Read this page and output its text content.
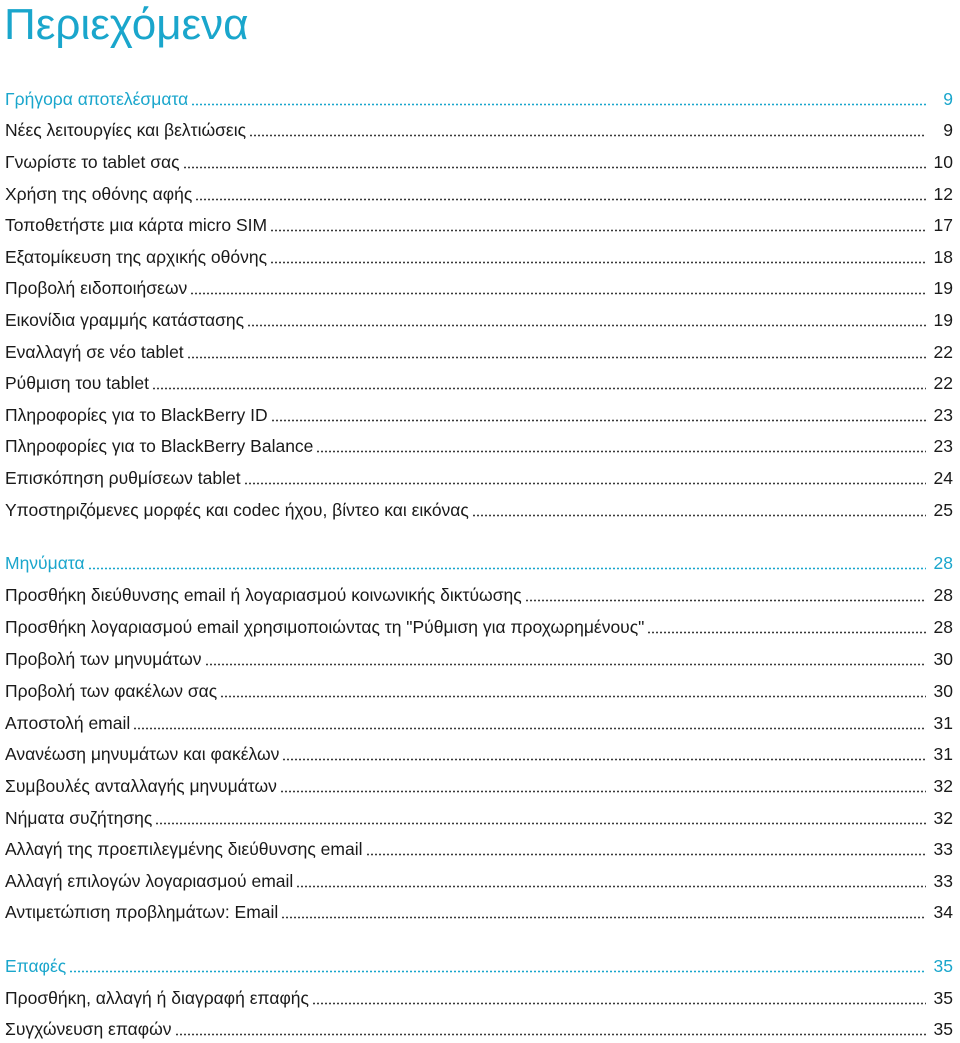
Περιεχόμενα
Γρήγορα αποτελέσματα	9
Νέες λειτουργίες και βελτιώσεις	9
Γνωρίστε το tablet σας	10
Χρήση της οθόνης αφής	12
Τοποθετήστε μια κάρτα micro SIM	17
Εξατομίκευση της αρχικής οθόνης	18
Προβολή ειδοποιήσεων	19
Εικονίδια γραμμής κατάστασης	19
Εναλλαγή σε νέο tablet	22
Ρύθμιση του tablet	22
Πληροφορίες για το BlackBerry ID	23
Πληροφορίες για το BlackBerry Balance	23
Επισκόπηση ρυθμίσεων tablet	24
Υποστηριζόμενες μορφές και codec ήχου, βίντεο και εικόνας	25
Μηνύματα	28
Προσθήκη διεύθυνσης email ή λογαριασμού κοινωνικής δικτύωσης	28
Προσθήκη λογαριασμού email χρησιμοποιώντας τη "Ρύθμιση για προχωρημένους"	28
Προβολή των μηνυμάτων	30
Προβολή των φακέλων σας	30
Αποστολή email	31
Ανανέωση μηνυμάτων και φακέλων	31
Συμβουλές ανταλλαγής μηνυμάτων	32
Νήματα συζήτησης	32
Αλλαγή της προεπιλεγμένης διεύθυνσης email	33
Αλλαγή επιλογών λογαριασμού email	33
Αντιμετώπιση προβλημάτων: Email	34
Επαφές	35
Προσθήκη, αλλαγή ή διαγραφή επαφής	35
Συγχώνευση επαφών	35
